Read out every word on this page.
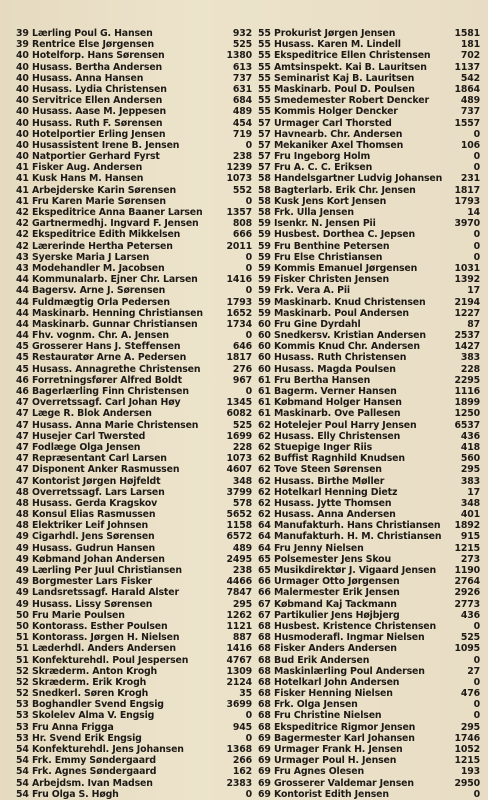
39 Lærling Poul G. Hansen	932
39 Rentrice Else Jørgensen	525
40 Hotelforp. Hans Sørensen	1380
40 Husass. Bertha Andersen	613
40 Husass. Anna Hansen	737
40 Husass. Lydia Christensen	631
40 Servitrice Ellen Andersen	684
40 Husass. Aase M. Jeppesen	489
40 Husass. Ruth F. Sørensen	454
40 Hotelportier Erling Jensen	719
40 Husassistent Irene B. Jensen	0
40 Natportier Gerhard Fyrst	238
41 Fisker Aug. Andersen	1239
41 Kusk Hans M. Hansen	1073
41 Arbejderske Karin Sørensen	552
41 Fru Karen Marie Sørensen	0
42 Ekspeditrice Anna Baaner Larsen	1357
42 Gartnermedhj. Ingvard F. Jensen	808
42 Ekspeditrice Edith Mikkelsen	666
42 Lærerinde Hertha Petersen	2011
43 Syerske Maria J Larsen	0
43 Modehandler M. Jacobsen	0
44 Kommunalarb. Ejner Chr. Larsen	1416
44 Bagersv. Arne J. Sørensen	0
44 Fuldmægtig Orla Pedersen	1793
44 Maskinarb. Henning Christiansen	1652
44 Maskinarb. Gunnar Christiansen	1734
44 Fhv. vognm. Chr. A. Jensen	0
45 Grosserer Hans J. Steffensen	646
45 Restauratør Arne A. Pedersen	1817
45 Husass. Annagrethe Christensen	276
46 Forretningsfører Alfred Boldt	967
46 Bagerlærling Finn Christensen	0
47 Overretssagf. Carl Johan Høy	1345
47 Læge R. Blok Andersen	6082
47 Husass. Anna Marie Christensen	525
47 Husejer Carl Twersted	1699
47 Fodlæge Olga Jensen	228
47 Repræsentant Carl Larsen	1073
47 Disponent Anker Rasmussen	4607
47 Kontorist Jørgen Højfeldt	348
48 Overretssagf. Lars Larsen	3799
48 Husass. Gerda Kragskov	578
48 Konsul Elias Rasmussen	5652
48 Elektriker Leif Johnsen	1158
49 Cigarhdl. Jens Sørensen	6572
49 Husass. Gudrun Hansen	489
49 Købmand Johan Andersen	2495
49 Lærling Per Juul Christiansen	238
49 Borgmester Lars Fisker	4466
49 Landsretssagf. Harald Alster	7847
49 Husass. Lissy Sørensen	295
50 Fru Marie Poulsen	1262
50 Kontorass. Esther Poulsen	1121
51 Kontorass. Jørgen H. Nielsen	887
51 Læderhdl. Anders Andersen	1416
51 Konfekturehdl. Poul Jespersen	4767
52 Skræderm. Anton Krogh	1309
52 Skræderm. Erik Krogh	2124
52 Snedkerl. Søren Krogh	35
53 Boghandler Svend Engsig	3699
53 Skolelev Alma V. Engsig	0
53 Fru Anna Frigga	945
53 Hr. Svend Erik Engsig	0
54 Konfekturehdl. Jens Johansen	1368
54 Frk. Emmy Søndergaard	266
54 Frk. Agnes Søndergaard	162
54 Arbejdsm. Ivan Madsen	2383
54 Fru Olga S. Høgh	0
55 Prokurist Jørgen Jensen	1581
55 Husass. Karen M. Lindell	181
55 Ekspeditrice Ellen Christensen	702
55 Amtsinspekt. Kai B. Lauritsen	1137
55 Seminarist Kaj B. Lauritsen	542
55 Maskinarb. Poul D. Poulsen	1864
55 Smedemester Robert Dencker	489
55 Kommis Holger Dencker	737
57 Urmager Carl Thorsted	1557
57 Havnearb. Chr. Andersen	0
57 Mekaniker Axel Thomsen	106
57 Fru Ingeborg Holm	0
57 Fru A. C. C. Eriksen	0
58 Handelsgartner Ludvig Johansen	231
58 Bagterlarb. Erik Chr. Jensen	1817
58 Kusk Jens Kort Jensen	1793
58 Frk. Ulla Jensen	14
59 Isenkr. N. Jensen Pii	3970
59 Husbest. Dorthea C. Jepsen	0
59 Fru Benthine Petersen	0
59 Fru Else Christiansen	0
59 Kommis Emanuel Jørgensen	1031
59 Fisker Christen Jensen	1392
59 Frk. Vera A. Pii	17
59 Maskinarb. Knud Christensen	2194
59 Maskinarb. Poul Andersen	1227
60 Fru Gine Dyrdahl	87
60 Snedkersv. Kristian Andersen	2537
60 Kommis Knud Chr. Andersen	1427
60 Husass. Ruth Christensen	383
60 Husass. Magda Poulsen	228
61 Fru Bertha Hansen	2295
61 Bagerm. Verner Hansen	1116
61 Købmand Holger Hansen	1899
61 Maskinarb. Ove Pallesen	1250
62 Hotelejer Poul Harry Jensen	6537
62 Husass. Elly Christensen	436
62 Stuepige Inger Riis	418
62 Buffist Ragnhild Knudsen	560
62 Tove Steen Sørensen	295
62 Husass. Birthe Møller	383
62 Hotelkarl Henning Dietz	17
62 Husass. Jytte Thomsen	348
62 Husass. Anna Andersen	401
64 Manufakturh. Hans Christiansen	1892
64 Manufakturh. H. M. Christiansen	915
64 Fru Jenny Nielsen	1215
65 Polsemester Jens Skou	273
65 Musikdirektør J. Vigaard Jensen	1190
66 Urmager Otto Jørgensen	2764
66 Malermester Erik Jensen	2926
67 Købmand Kaj Tackmann	2773
67 Partikulier Jens Højbjerg	436
68 Husbest. Kristence Christensen	0
68 Husmoderafl. Ingmar Nielsen	525
68 Fisker Anders Andersen	1095
68 Bud Erik Andersen	0
68 Maskinlærling Poul Andersen	27
68 Hotelkarl John Andersen	0
68 Fisker Henning Nielsen	476
68 Frk. Olga Jensen	0
68 Fru Christine Nielsen	0
68 Ekspeditrice Rigmor Jensen	295
69 Bagermester Karl Johansen	1746
69 Urmager Frank H. Jensen	1052
69 Urmager Poul H. Jensen	1215
69 Fru Agnes Olesen	193
69 Grosserer Valdemar Jensen	2950
69 Kontorist Edith Jensen	0
